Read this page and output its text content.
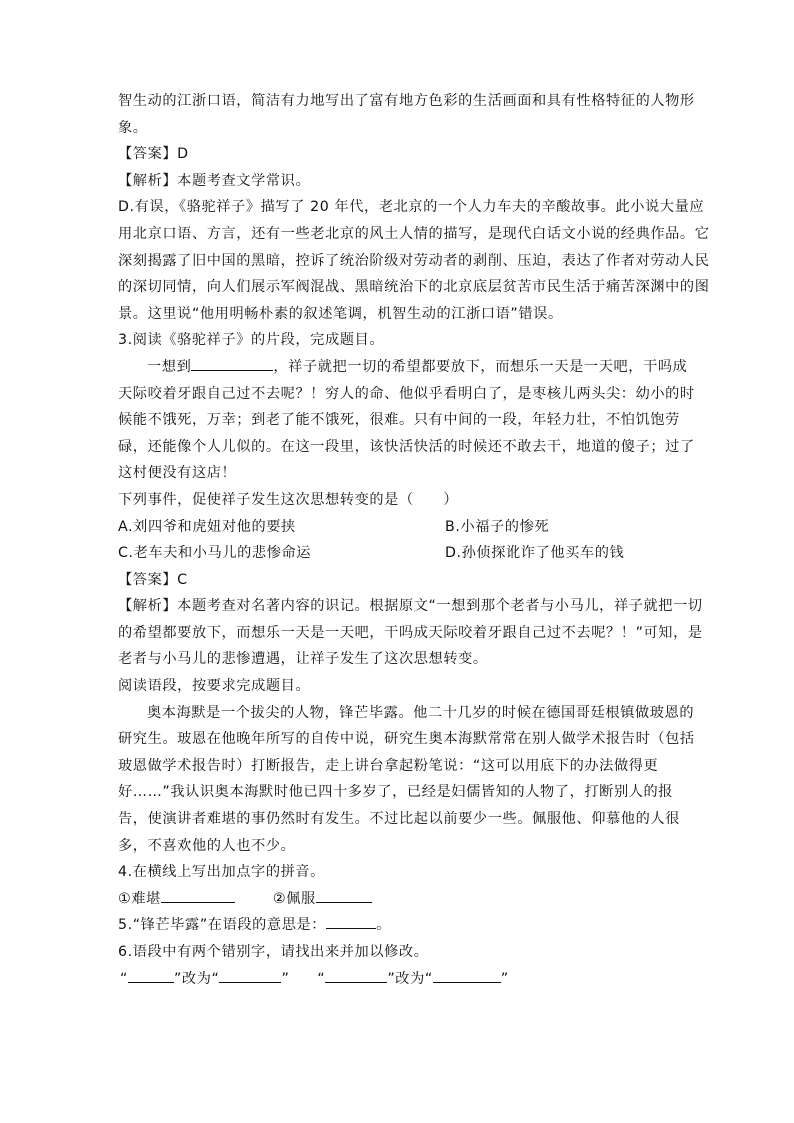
智生动的江浙口语，简洁有力地写出了富有地方色彩的生活画面和具有性格特征的人物形
象。
【答案】D
【解析】本题考查文学常识。
D.有误，《骆驼祥子》描写了 20 年代，老北京的一个人力车夫的辛酸故事。此小说大量应
用北京口语、方言，还有一些老北京的风土人情的描写，是现代白话文小说的经典作品。它
深刻揭露了旧中国的黑暗，控诉了统治阶级对劳动者的剥削、压迫，表达了作者对劳动人民
的深切同情，向人们展示军阀混战、黑暗统治下的北京底层贫苦市民生活于痛苦深渊中的图
景。这里说“他用明畅朴素的叙述笔调，机智生动的江浙口语”错误。
3.阅读《骆驼祥子》的片段，完成题目。
一想到	，祥子就把一切的希望都要放下，而想乐一天是一天吧，干吗成
天际咬着牙跟自己过不去呢？！穷人的命、他似乎看明白了，是枣核儿两头尖：幼小的时
候能不饿死，万幸；到老了能不饿死，很难。只有中间的一段，年轻力壮，不怕饥饱劳
碌，还能像个人儿似的。在这一段里，该快活快活的时候还不敢去干，地道的傻子；过了
这村便没有这店！
下列事件，促使祥子发生这次思想转变的是（　　）
A.刘四爷和虎妞对他的要挟	B.小福子的惨死
C.老车夫和小马儿的悲惨命运	D.孙侦探讹诈了他买车的钱
【答案】C
【解析】本题考查对名著内容的识记。根据原文“一想到那个老者与小马儿，祥子就把一切
的希望都要放下，而想乐一天是一天吧，干吗成天际咬着牙跟自己过不去呢？！”可知，是
老者与小马儿的悲惨遭遇，让祥子发生了这次思想转变。
阅读语段，按要求完成题目。
奥本海默是一个拔尖的人物，锋芒毕露。他二十几岁的时候在德国哥廷根镇做玻恩的
研究生。玻恩在他晚年所写的自传中说，研究生奥本海默常常在别人做学术报告时（包括
玻恩做学术报告时）打断报告，走上讲台拿起粉笔说：“这可以用底下的办法做得更
好……”我认识奥本海默时他已四十多岁了，已经是妇儒皆知的人物了，打断别人的报
告，使演讲者难堪的事仍然时有发生。不过比起以前要少一些。佩服他、仰慕他的人很
多，不喜欢他的人也不少。
4.在横线上写出加点字的拼音。
①难堪	②佩服
5.“锋芒毕露”在语段的意思是：	。
6.语段中有两个错别字，请找出来并加以修改。
“	”改为“	” “	”改为“	”
